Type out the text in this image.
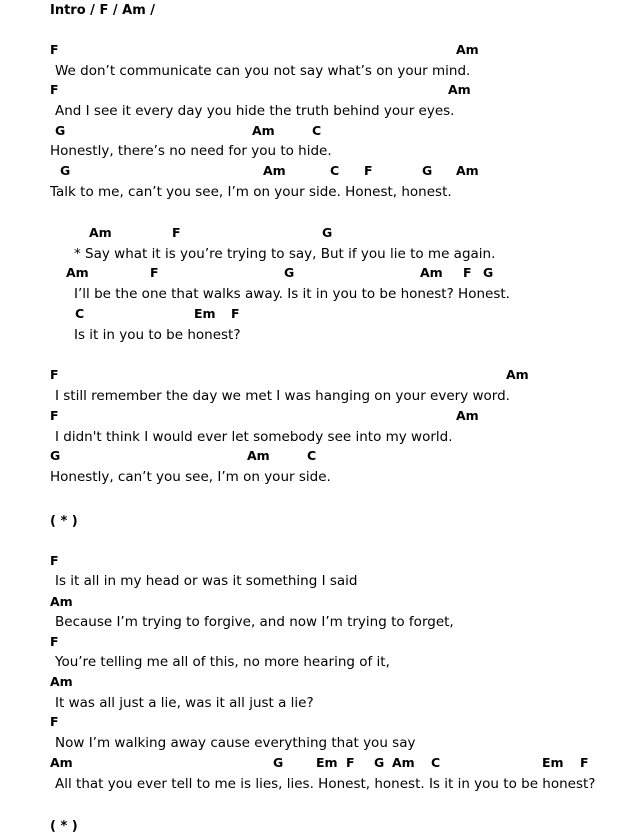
Intro / F / Am /
F	Am
We don’t communicate can you not say what’s on your mind.
F	Am
And I see it every day you hide the truth behind your eyes.
G	Am	C
Honestly, there’s no need for you to hide.
G	Am	C F	G Am
Talk to me, can’t you see, I’m on your side. Honest, honest.
Am	F	G
* Say what it is you’re trying to say, But if you lie to me again.
Am	F	G	Am F G
I’ll be the one that walks away. Is it in you to be honest? Honest.
C	Em F
Is it in you to be honest?
F	Am
I still remember the day we met I was hanging on your every word.
F	Am
I didn't think I would ever let somebody see into my world.
G	Am	C
Honestly, can’t you see, I’m on your side.
( * )
F
Is it all in my head or was it something I said
Am
Because I’m trying to forgive, and now I’m trying to forget,
F
You’re telling me all of this, no more hearing of it,
Am
It was all just a lie, was it all just a lie?
F
Now I’m walking away cause everything that you say
Am	G	Em F G Am C	Em F
All that you ever tell to me is lies, lies. Honest, honest. Is it in you to be honest?
( * )
